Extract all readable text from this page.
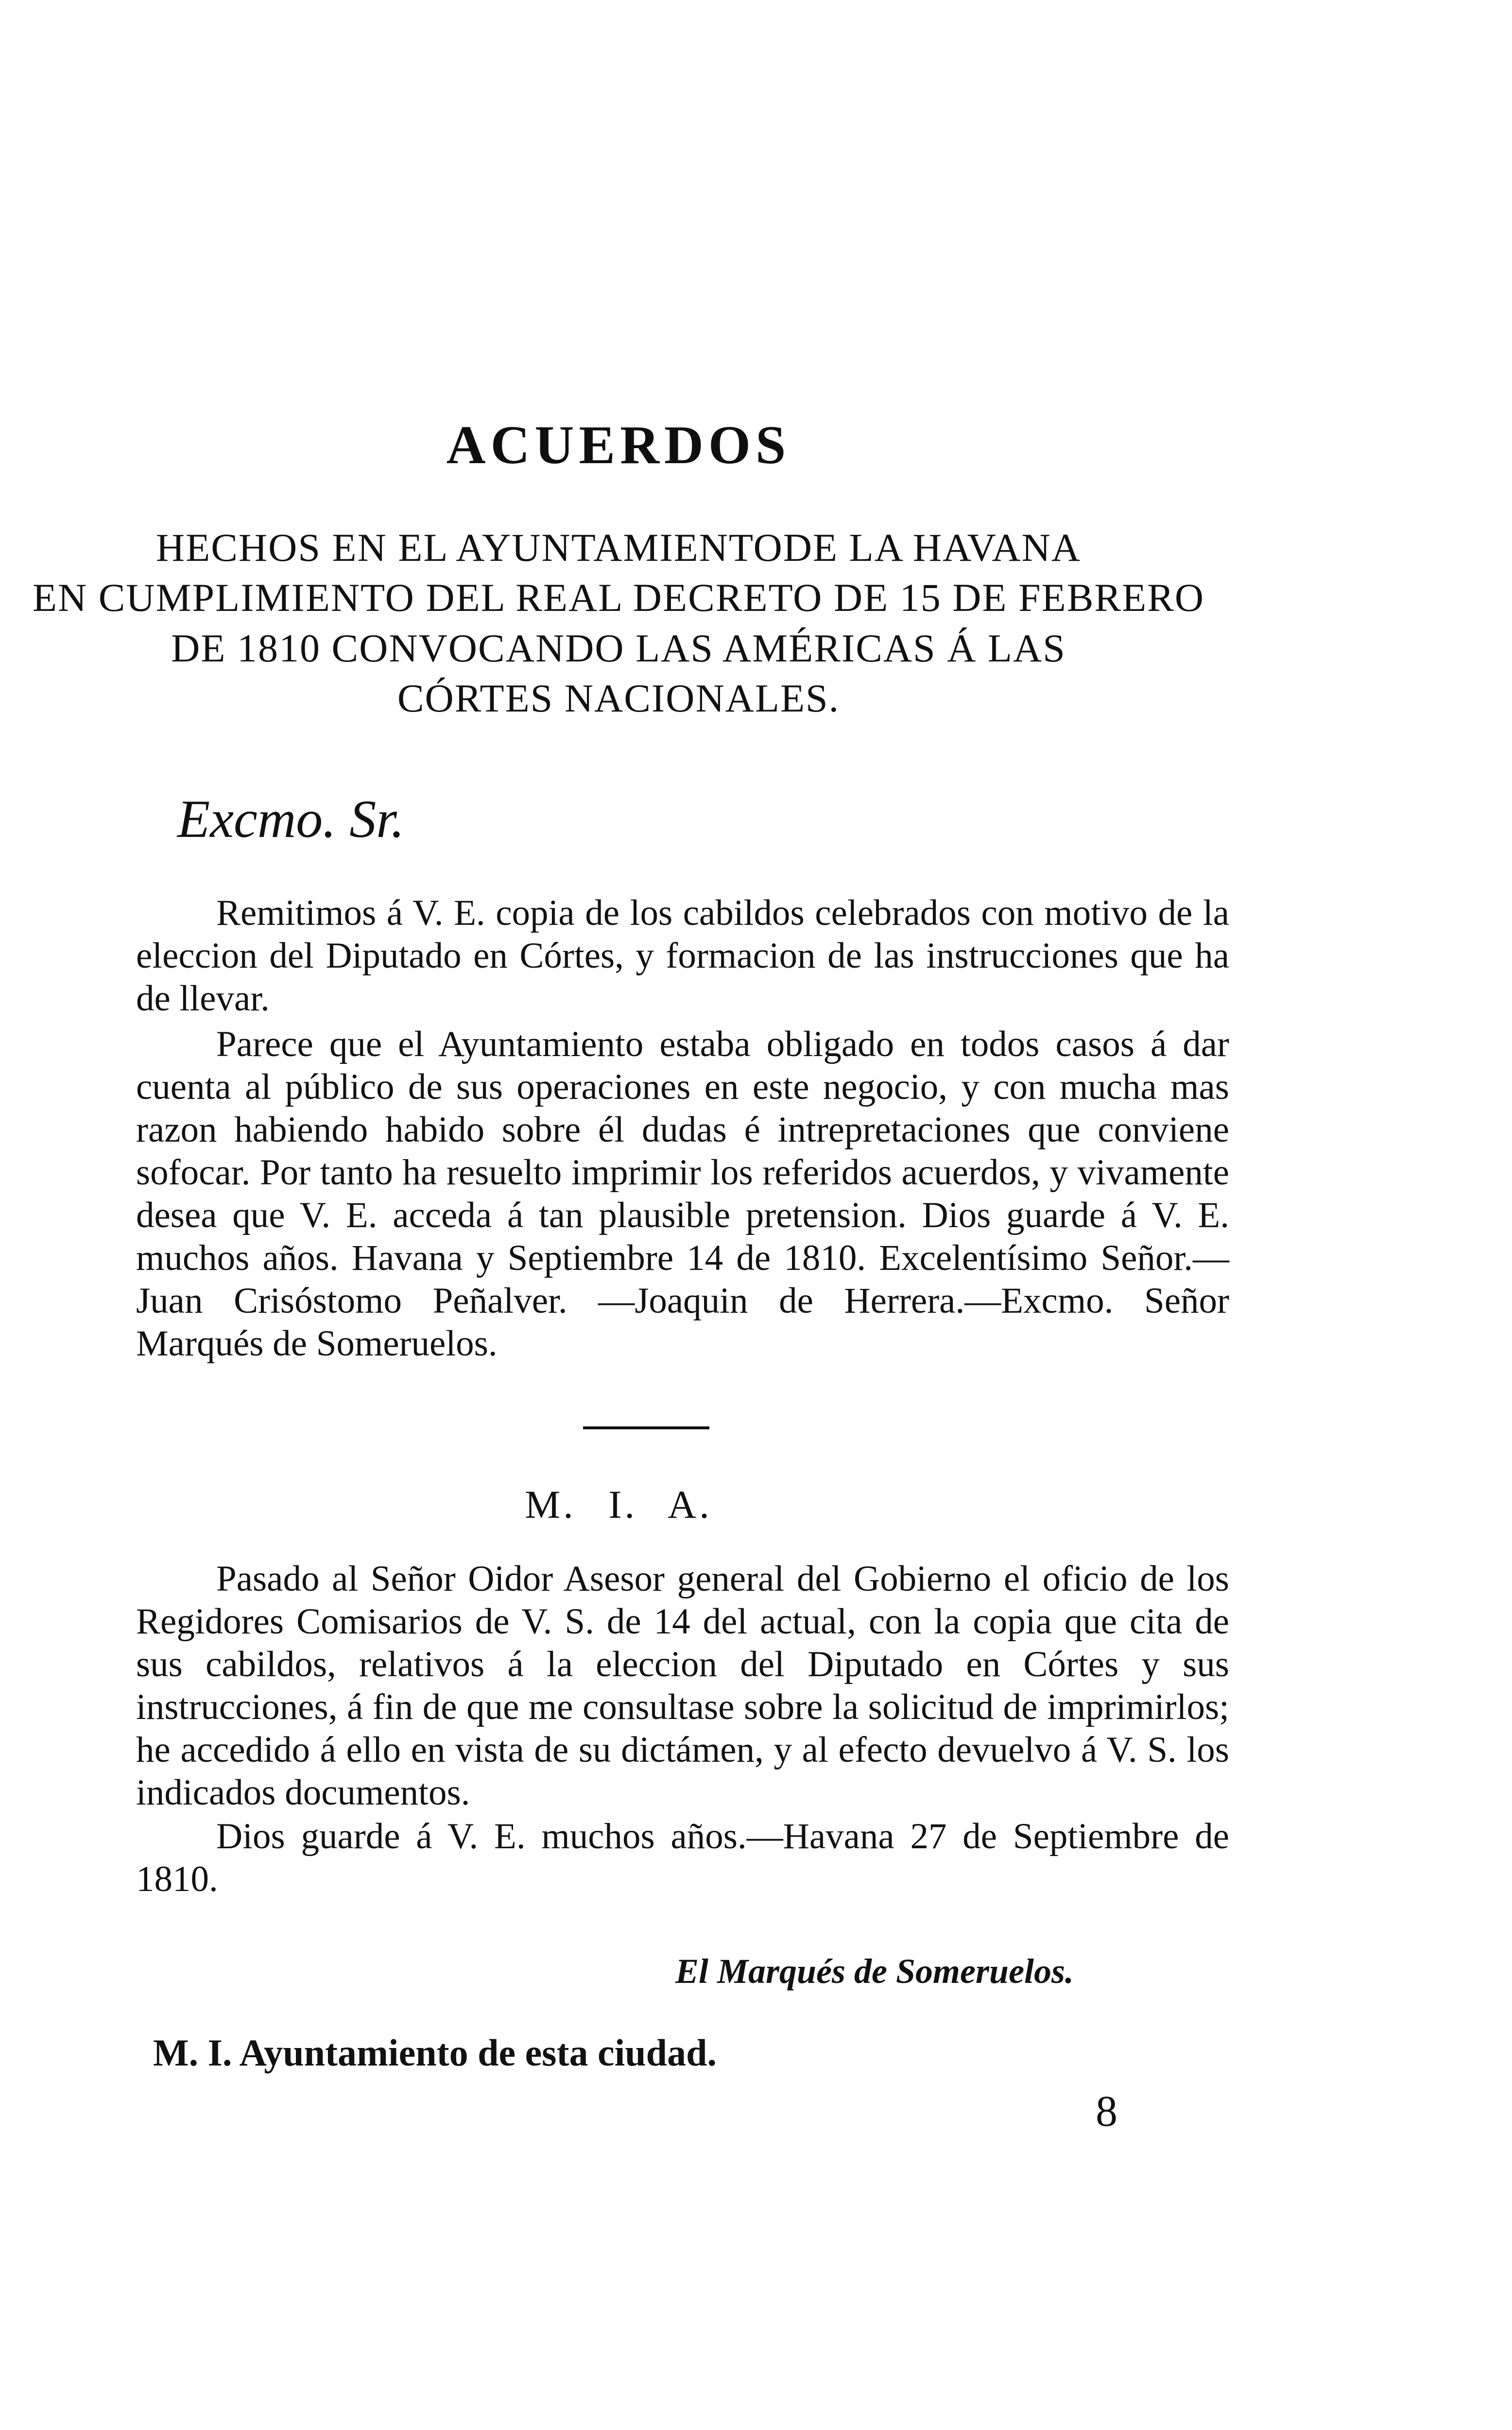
ACUERDOS
HECHOS EN EL AYUNTAMIENTODE LA HAVANA
EN CUMPLIMIENTO DEL REAL DECRETO DE 15 DE FEBRERO
DE 1810 CONVOCANDO LAS AMÉRICAS Á LAS
CÓRTES NACIONALES.
Excmo. Sr.

Remitimos á V. E. copia de los cabildos celebrados con motivo de la eleccion del Diputado en Córtes, y formacion de las instrucciones que ha de llevar.

Parece que el Ayuntamiento estaba obligado en todos casos á dar cuenta al público de sus operaciones en este negocio, y con mucha mas razon habiendo habido sobre él dudas é intrepretaciones que conviene sofocar. Por tanto ha resuelto imprimir los referidos acuerdos, y vivamente desea que V. E. acceda á tan plausible pretension. Dios guarde á V. E. muchos años. Havana y Septiembre 14 de 1810. Excelentísimo Señor.—Juan Crisóstomo Peñalver. —Joaquin de Herrera.—Excmo. Señor Marqués de Someruelos.

M. I. A.

Pasado al Señor Oidor Asesor general del Gobierno el oficio de los Regidores Comisarios de V. S. de 14 del actual, con la copia que cita de sus cabildos, relativos á la eleccion del Diputado en Córtes y sus instrucciones, á fin de que me consultase sobre la solicitud de imprimirlos; he accedido á ello en vista de su dictámen, y al efecto devuelvo á V. S. los indicados documentos.

Dios guarde á V. E. muchos años.—Havana 27 de Septiembre de 1810.

El Marqués de Someruelos.
M. I. Ayuntamiento de esta ciudad.
8
